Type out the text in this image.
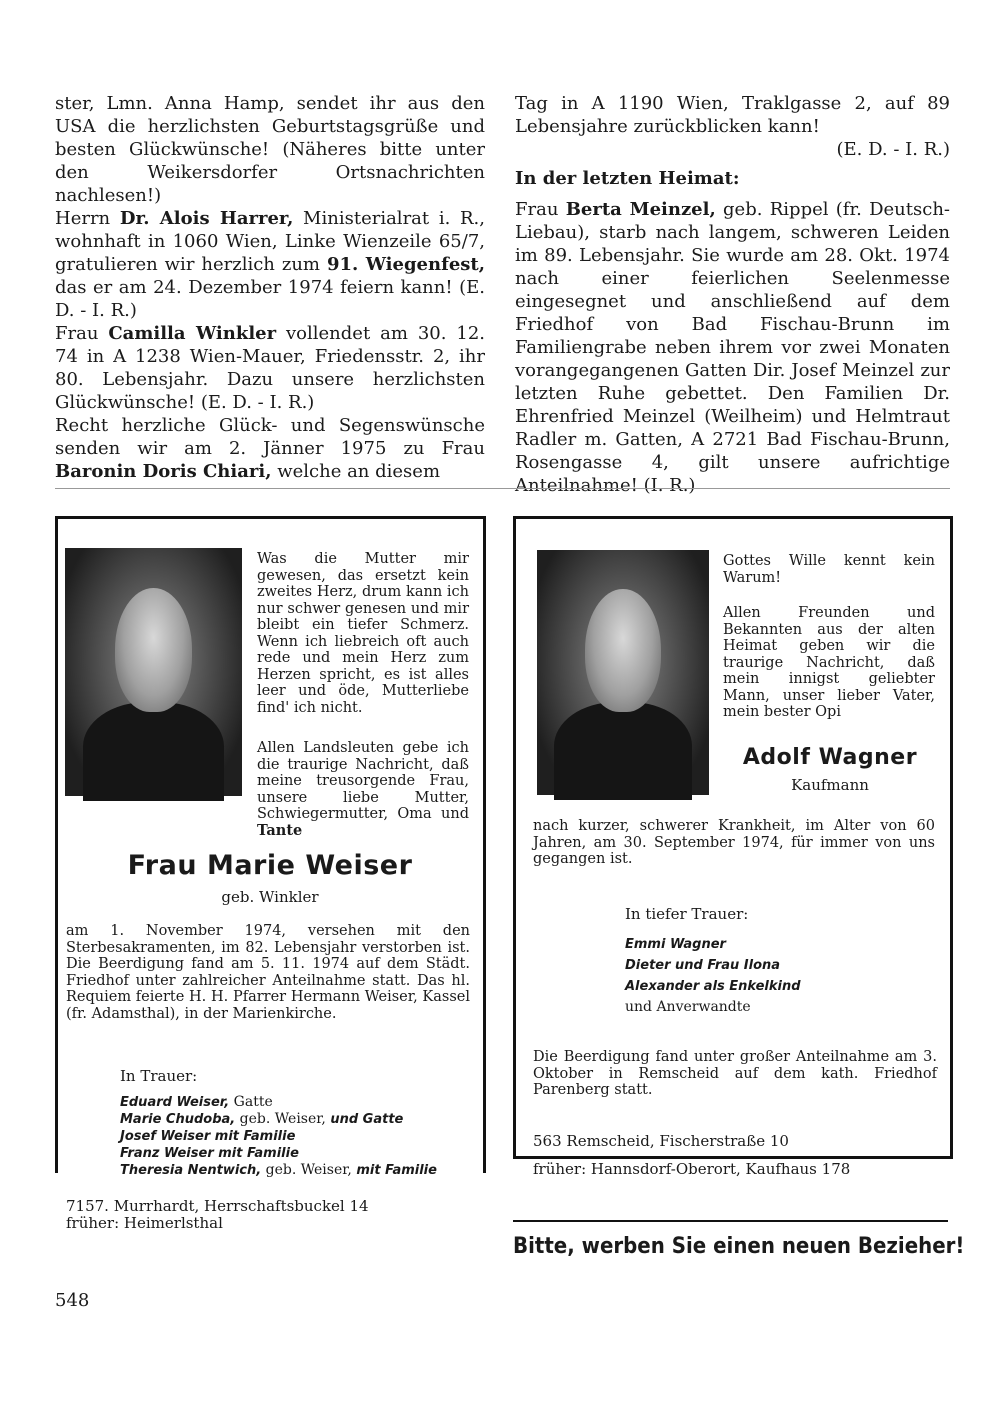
ster, Lmn. Anna Hamp, sendet ihr aus den USA die herzlichsten Geburtstagsgrüße und besten Glückwünsche! (Näheres bitte unter den Weikersdorfer Ortsnachrichten nachlesen!)

Herrn Dr. Alois Harrer, Ministerialrat i. R., wohnhaft in 1060 Wien, Linke Wienzeile 65/7, gratulieren wir herzlich zum 91. Wiegenfest, das er am 24. Dezember 1974 feiern kann! (E. D. - I. R.)

Frau Camilla Winkler vollendet am 30. 12. 74 in A 1238 Wien-Mauer, Friedensstr. 2, ihr 80. Lebensjahr. Dazu unsere herzlichsten Glückwünsche! (E. D. - I. R.)

Recht herzliche Glück- und Segenswünsche senden wir am 2. Jänner 1975 zu Frau Baronin Doris Chiari, welche an diesem

Tag in A 1190 Wien, Traklgasse 2, auf 89 Lebensjahre zurückblicken kann!

(E. D. - I. R.)

In der letzten Heimat:

Frau Berta Meinzel, geb. Rippel (fr. Deutsch-Liebau), starb nach langem, schweren Leiden im 89. Lebensjahr. Sie wurde am 28. Okt. 1974 nach einer feierlichen Seelenmesse eingesegnet und anschließend auf dem Friedhof von Bad Fischau-Brunn im Familiengrabe neben ihrem vor zwei Monaten vorangegangenen Gatten Dir. Josef Meinzel zur letzten Ruhe gebettet. Den Familien Dr. Ehrenfried Meinzel (Weilheim) und Helmtraut Radler m. Gatten, A 2721 Bad Fischau-Brunn, Rosengasse 4, gilt unsere aufrichtige Anteilnahme! (I. R.)

Was die Mutter mir gewesen, das ersetzt kein zweites Herz, drum kann ich nur schwer genesen und mir bleibt ein tiefer Schmerz. Wenn ich liebreich oft auch rede und mein Herz zum Herzen spricht, es ist alles leer und öde, Mutterliebe find' ich nicht.
Allen Landsleuten gebe ich die traurige Nachricht, daß meine treusorgende Frau, unsere liebe Mutter, Schwiegermutter, Oma und Tante
Frau Marie Weiser
geb. Winkler
am 1. November 1974, versehen mit den Sterbesakramenten, im 82. Lebensjahr verstorben ist. Die Beerdigung fand am 5. 11. 1974 auf dem Städt. Friedhof unter zahlreicher Anteilnahme statt. Das hl. Requiem feierte H. H. Pfarrer Hermann Weiser, Kassel (fr. Adamsthal), in der Marienkirche.
In Trauer:
Eduard Weiser, Gatte
Marie Chudoba, geb. Weiser, und Gatte
Josef Weiser mit Familie
Franz Weiser mit Familie
Theresia Nentwich, geb. Weiser, mit Familie
7157. Murrhardt, Herrschaftsbuckel 14
früher: Heimerlsthal
Gottes Wille kennt kein Warum!
Allen Freunden und Bekannten aus der alten Heimat geben wir die traurige Nachricht, daß mein innigst geliebter Mann, unser lieber Vater, mein bester Opi
Adolf Wagner
Kaufmann
nach kurzer, schwerer Krankheit, im Alter von 60 Jahren, am 30. September 1974, für immer von uns gegangen ist.
In tiefer Trauer:
Emmi Wagner
Dieter und Frau Ilona
Alexander als Enkelkind
und Anverwandte
Die Beerdigung fand unter großer Anteilnahme am 3. Oktober in Remscheid auf dem kath. Friedhof Parenberg statt.
563 Remscheid, Fischerstraße 10
früher: Hannsdorf-Oberort, Kaufhaus 178
Bitte, werben Sie einen neuen Bezieher!
548
